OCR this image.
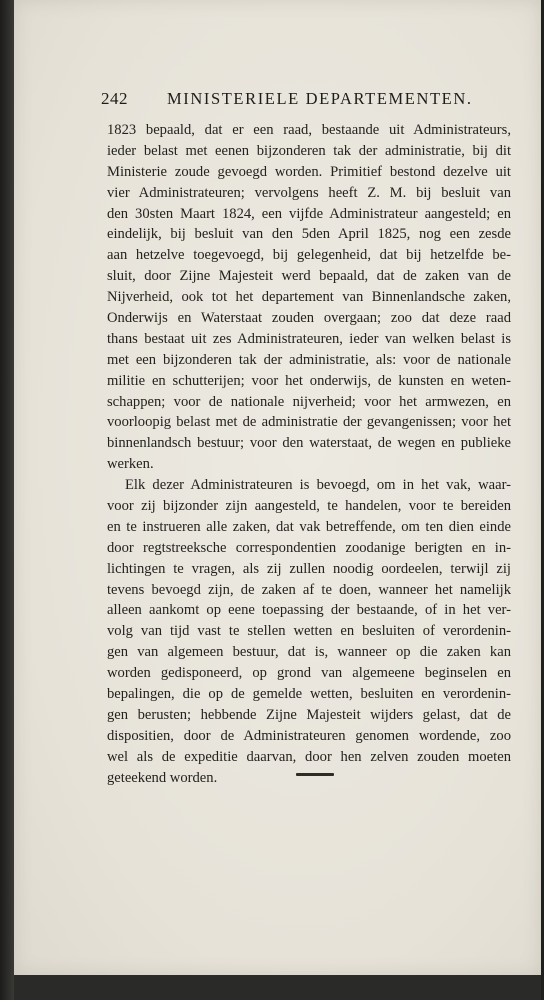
242 MINISTERIELE DEPARTEMENTEN.
1823 bepaald, dat er een raad, bestaande uit Administrateurs,
ieder belast met eenen bijzonderen tak der administratie, bij dit
Ministerie zoude gevoegd worden. Primitief bestond dezelve uit
vier Administrateuren; vervolgens heeft Z. M. bij besluit van
den 30sten Maart 1824, een vijfde Administrateur aangesteld; en
eindelijk, bij besluit van den 5den April 1825, nog een zesde
aan hetzelve toegevoegd, bij gelegenheid, dat bij hetzelfde be-
sluit, door Zijne Majesteit werd bepaald, dat de zaken van de
Nijverheid, ook tot het departement van Binnenlandsche zaken,
Onderwijs en Waterstaat zouden overgaan; zoo dat deze raad
thans bestaat uit zes Administrateuren, ieder van welken belast is
met een bijzonderen tak der administratie, als: voor de nationale
militie en schutterijen; voor het onderwijs, de kunsten en weten-
schappen; voor de nationale nijverheid; voor het armwezen, en
voorloopig belast met de administratie der gevangenissen; voor het
binnenlandsch bestuur; voor den waterstaat, de wegen en publieke
werken.
Elk dezer Administrateuren is bevoegd, om in het vak, waar-
voor zij bijzonder zijn aangesteld, te handelen, voor te bereiden
en te instrueren alle zaken, dat vak betreffende, om ten dien einde
door regtstreeksche correspondentien zoodanige berigten en in-
lichtingen te vragen, als zij zullen noodig oordeelen, terwijl zij
tevens bevoegd zijn, de zaken af te doen, wanneer het namelijk
alleen aankomt op eene toepassing der bestaande, of in het ver-
volg van tijd vast te stellen wetten en besluiten of verordenin-
gen van algemeen bestuur, dat is, wanneer op die zaken kan
worden gedisponeerd, op grond van algemeene beginselen en
bepalingen, die op de gemelde wetten, besluiten en verordenin-
gen berusten; hebbende Zijne Majesteit wijders gelast, dat de
dispositien, door de Administrateuren genomen wordende, zoo
wel als de expeditie daarvan, door hen zelven zouden moeten
geteekend worden.
